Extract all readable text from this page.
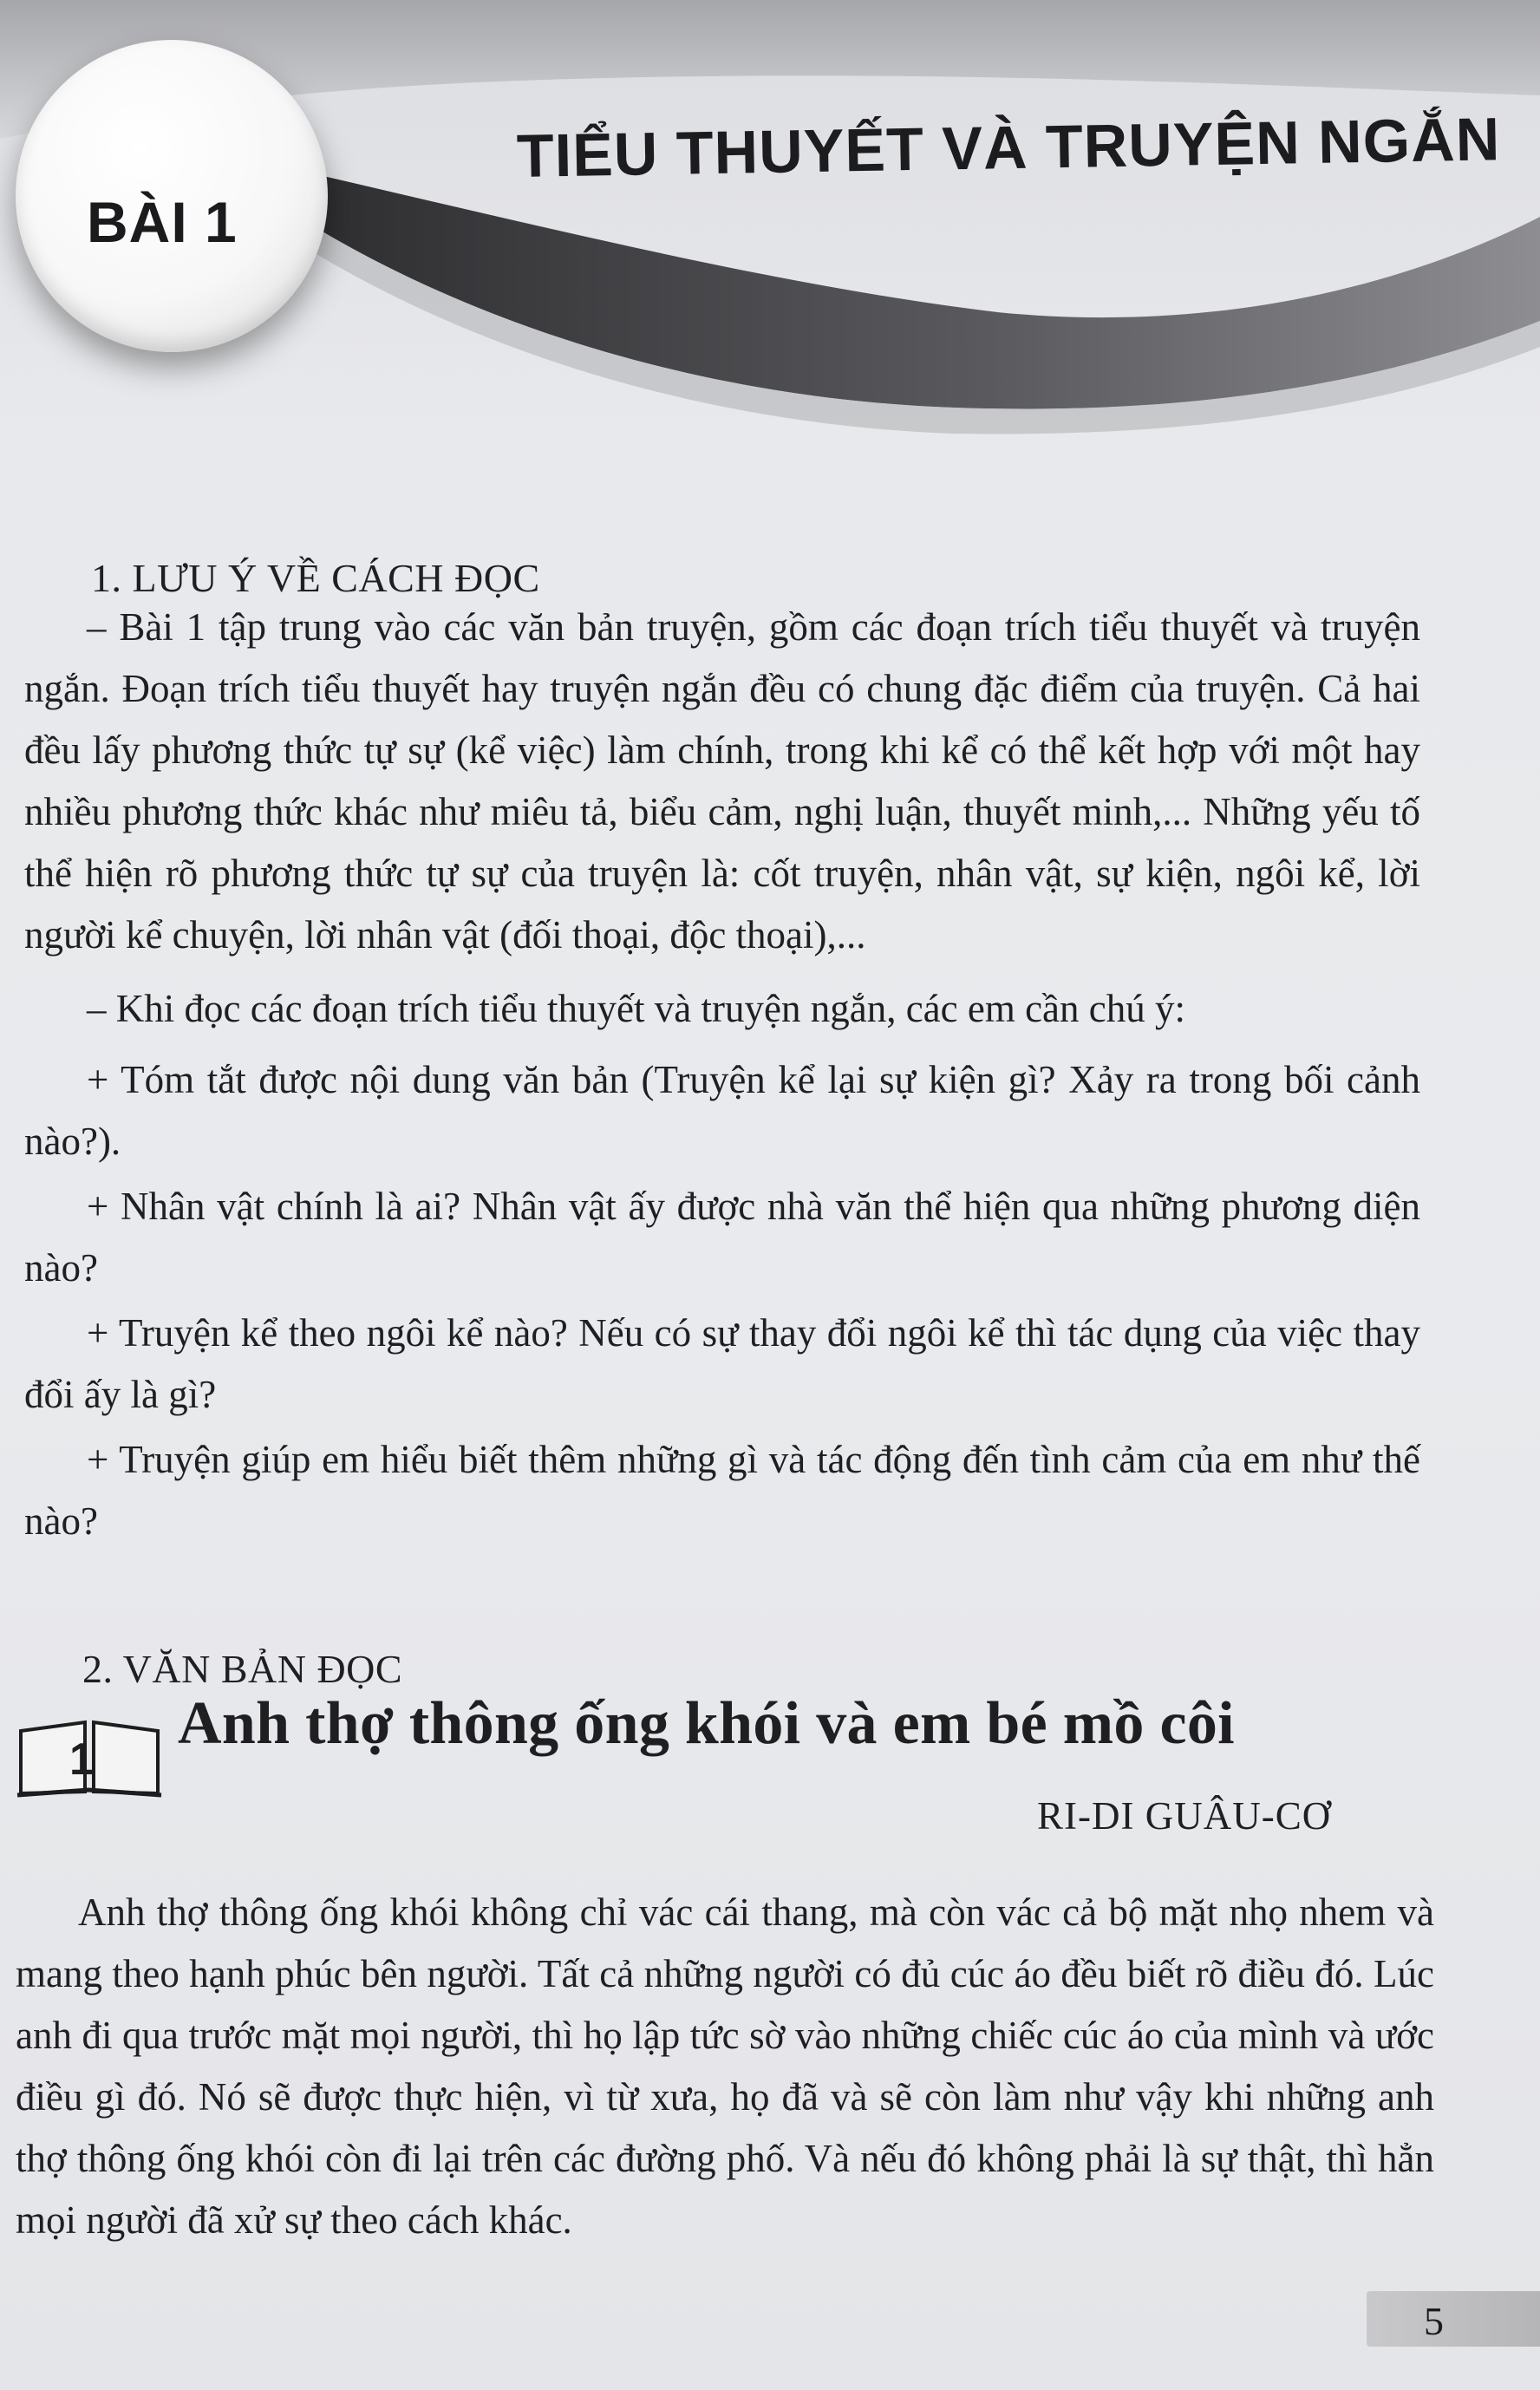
BÀI 1
TIỂU THUYẾT VÀ TRUYỆN NGẮN
1. LƯU Ý VỀ CÁCH ĐỌC

– Bài 1 tập trung vào các văn bản truyện, gồm các đoạn trích tiểu thuyết và truyện ngắn. Đoạn trích tiểu thuyết hay truyện ngắn đều có chung đặc điểm của truyện. Cả hai đều lấy phương thức tự sự (kể việc) làm chính, trong khi kể có thể kết hợp với một hay nhiều phương thức khác như miêu tả, biểu cảm, nghị luận, thuyết minh,... Những yếu tố thể hiện rõ phương thức tự sự của truyện là: cốt truyện, nhân vật, sự kiện, ngôi kể, lời người kể chuyện, lời nhân vật (đối thoại, độc thoại),...

– Khi đọc các đoạn trích tiểu thuyết và truyện ngắn, các em cần chú ý:

+ Tóm tắt được nội dung văn bản (Truyện kể lại sự kiện gì? Xảy ra trong bối cảnh nào?).

+ Nhân vật chính là ai? Nhân vật ấy được nhà văn thể hiện qua những phương diện nào?

+ Truyện kể theo ngôi kể nào? Nếu có sự thay đổi ngôi kể thì tác dụng của việc thay đổi ấy là gì?

+ Truyện giúp em hiểu biết thêm những gì và tác động đến tình cảm của em như thế nào?

2. VĂN BẢN ĐỌC
1
Anh thợ thông ống khói và em bé mồ côi
RI-DI GUÂU-CƠ

Anh thợ thông ống khói không chỉ vác cái thang, mà còn vác cả bộ mặt nhọ nhem và mang theo hạnh phúc bên người. Tất cả những người có đủ cúc áo đều biết rõ điều đó. Lúc anh đi qua trước mặt mọi người, thì họ lập tức sờ vào những chiếc cúc áo của mình và ước điều gì đó. Nó sẽ được thực hiện, vì từ xưa, họ đã và sẽ còn làm như vậy khi những anh thợ thông ống khói còn đi lại trên các đường phố. Và nếu đó không phải là sự thật, thì hẳn mọi người đã xử sự theo cách khác.

5
